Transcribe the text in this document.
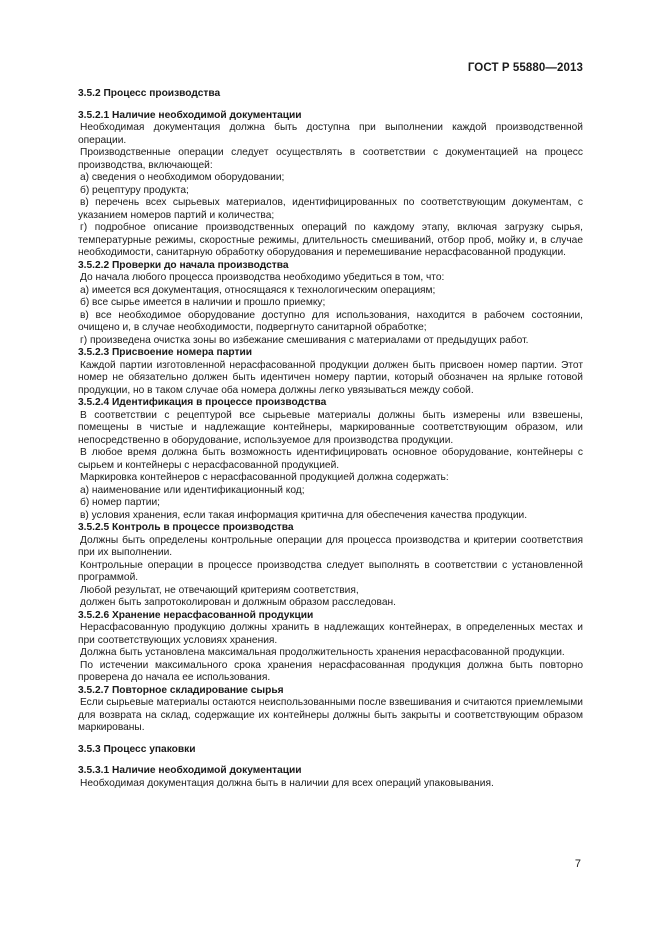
ГОСТ Р 55880—2013

3.5.2 Процесс производства

3.5.2.1 Наличие необходимой документации

Необходимая документация должна быть доступна при выполнении каждой производственной операции.

Производственные операции следует осуществлять в соответствии с документацией на процесс производства, включающей:

а) сведения о необходимом оборудовании;

б) рецептуру продукта;

в) перечень всех сырьевых материалов, идентифицированных по соответствующим документам, с указанием номеров партий и количества;

г) подробное описание производственных операций по каждому этапу, включая загрузку сырья, температурные режимы, скоростные режимы, длительность смешиваний, отбор проб, мойку и, в случае необходимости, санитарную обработку оборудования и перемешивание нерасфасованной продукции.

3.5.2.2 Проверки до начала производства

До начала любого процесса производства необходимо убедиться в том, что:

а) имеется вся документация, относящаяся к технологическим операциям;

б) все сырье имеется в наличии и прошло приемку;

в) все необходимое оборудование доступно для использования, находится в рабочем состоянии, очищено и, в случае необходимости, подвергнуто санитарной обработке;

г) произведена очистка зоны во избежание смешивания с материалами от предыдущих работ.

3.5.2.3 Присвоение номера партии

Каждой партии изготовленной нерасфасованной продукции должен быть присвоен номер партии. Этот номер не обязательно должен быть идентичен номеру партии, который обозначен на ярлыке готовой продукции, но в таком случае оба номера должны легко увязываться между собой.

3.5.2.4 Идентификация в процессе производства

В соответствии с рецептурой все сырьевые материалы должны быть измерены или взвешены, помещены в чистые и надлежащие контейнеры, маркированные соответствующим образом, или непосредственно в оборудование, используемое для производства продукции.

В любое время должна быть возможность идентифицировать основное оборудование, контейнеры с сырьем и контейнеры с нерасфасованной продукцией.

Маркировка контейнеров с нерасфасованной продукцией должна содержать:

а) наименование или идентификационный код;

б) номер партии;

в) условия хранения, если такая информация критична для обеспечения качества продукции.

3.5.2.5 Контроль в процессе производства

Должны быть определены контрольные операции для процесса производства и критерии соответствия при их выполнении.

Контрольные операции в процессе производства следует выполнять в соответствии с установленной программой.

Любой результат, не отвечающий критериям соответствия,

должен быть запротоколирован и должным образом расследован.

3.5.2.6 Хранение нерасфасованной продукции

Нерасфасованную продукцию должны хранить в надлежащих контейнерах, в определенных местах и при соответствующих условиях хранения.

Должна быть установлена максимальная продолжительность хранения нерасфасованной продукции.

По истечении максимального срока хранения нерасфасованная продукция должна быть повторно проверена до начала ее использования.

3.5.2.7 Повторное складирование сырья

Если сырьевые материалы остаются неиспользованными после взвешивания и считаются приемлемыми для возврата на склад, содержащие их контейнеры должны быть закрыты и соответствующим образом маркированы.

3.5.3 Процесс упаковки

3.5.3.1 Наличие необходимой документации

Необходимая документация должна быть в наличии для всех операций упаковывания.

7
